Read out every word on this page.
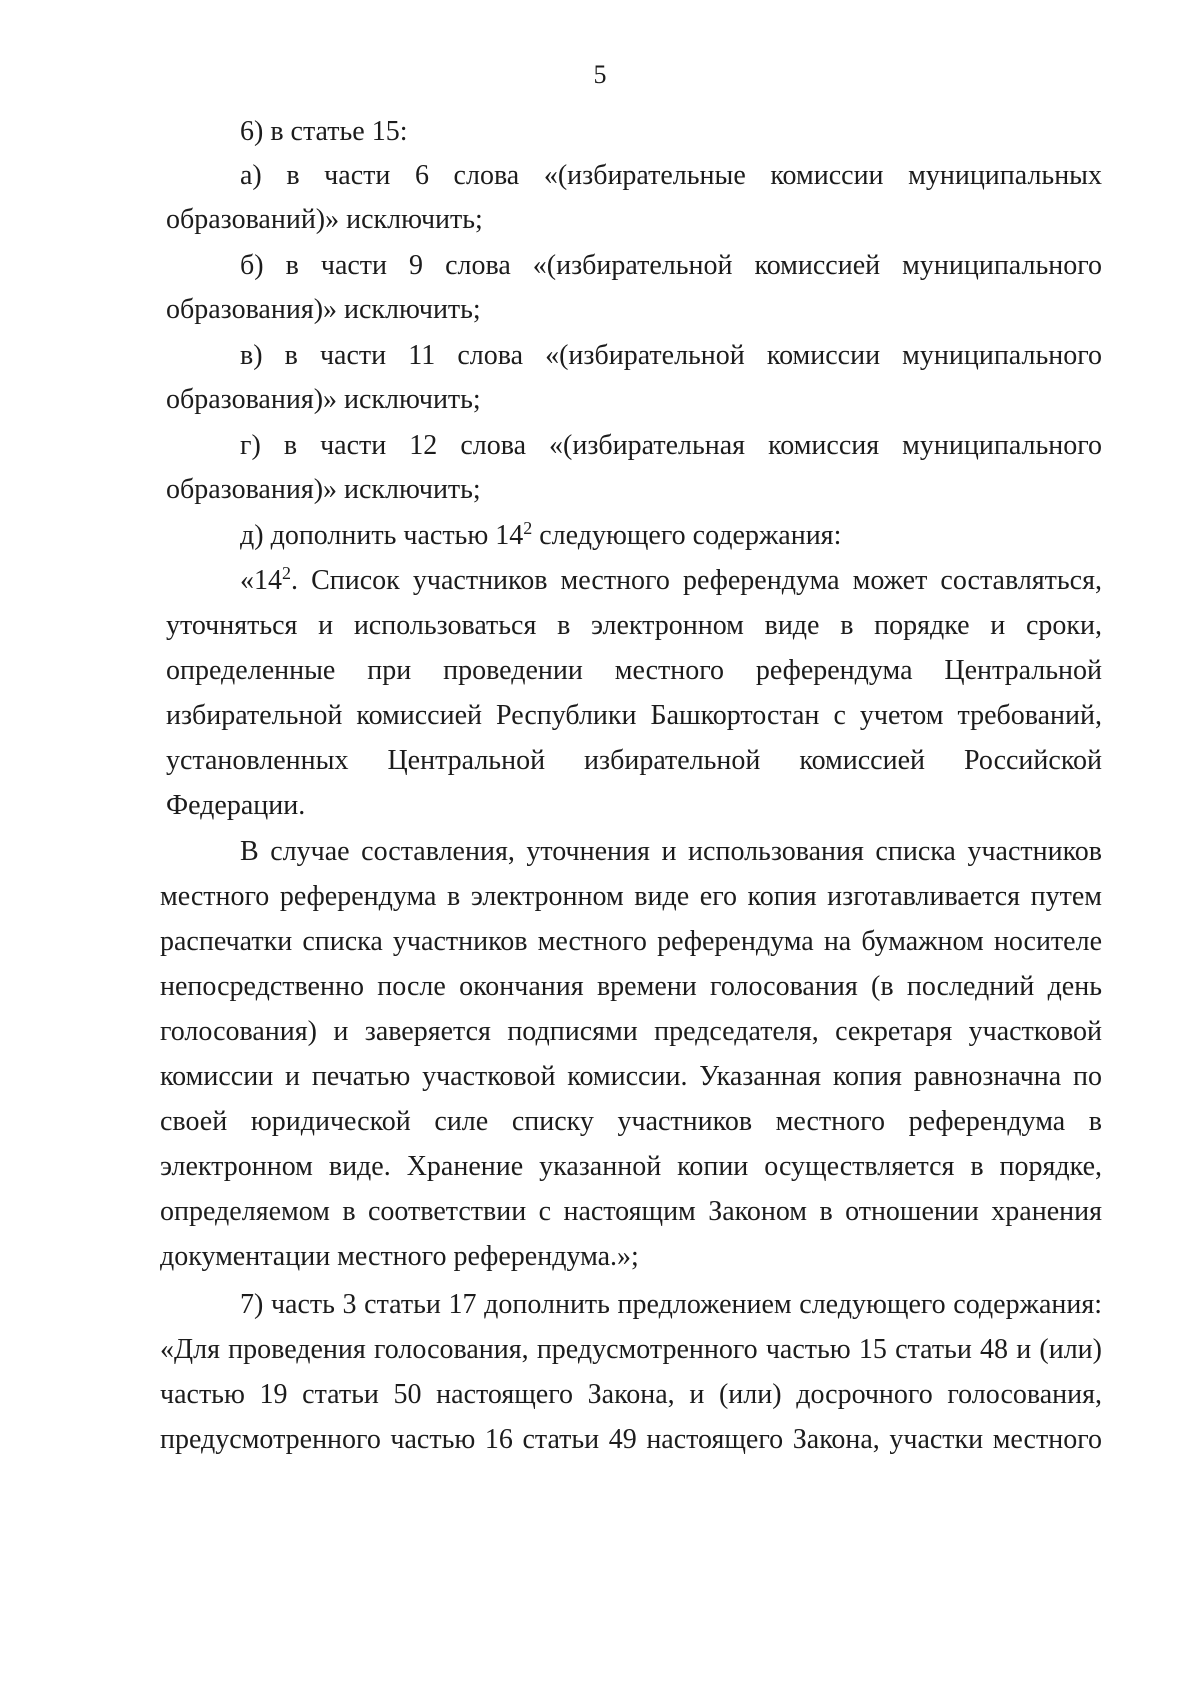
5
6) в статье 15:
а) в части 6 слова «(избирательные комиссии муниципальных
образований)» исключить;
б) в части 9 слова «(избирательной комиссией муниципального
образования)» исключить;
в) в части 11 слова «(избирательной комиссии муниципального
образования)» исключить;
г) в части 12 слова «(избирательная комиссия муниципального
образования)» исключить;
д) дополнить частью $14^2$ следующего содержания:
«$14^2$. Список участников местного референдума может составляться,
уточняться и использоваться в электронном виде в порядке и сроки,
определенные при проведении местного референдума Центральной
избирательной комиссией Республики Башкортостан с учетом требований,
установленных Центральной избирательной комиссией Российской
Федерации.
В случае составления, уточнения и использования списка участников
местного референдума в электронном виде его копия изготавливается путем
распечатки списка участников местного референдума на бумажном носителе
непосредственно после окончания времени голосования (в последний день
голосования) и заверяется подписями председателя, секретаря участковой
комиссии и печатью участковой комиссии. Указанная копия равнозначна по
своей юридической силе списку участников местного референдума в
электронном виде. Хранение указанной копии осуществляется в порядке,
определяемом в соответствии с настоящим Законом в отношении хранения
документации местного референдума.»;
7) часть 3 статьи 17 дополнить предложением следующего содержания:
«Для проведения голосования, предусмотренного частью 15 статьи 48 и (или)
частью 19 статьи 50 настоящего Закона, и (или) досрочного голосования,
предусмотренного частью 16 статьи 49 настоящего Закона, участки местного
